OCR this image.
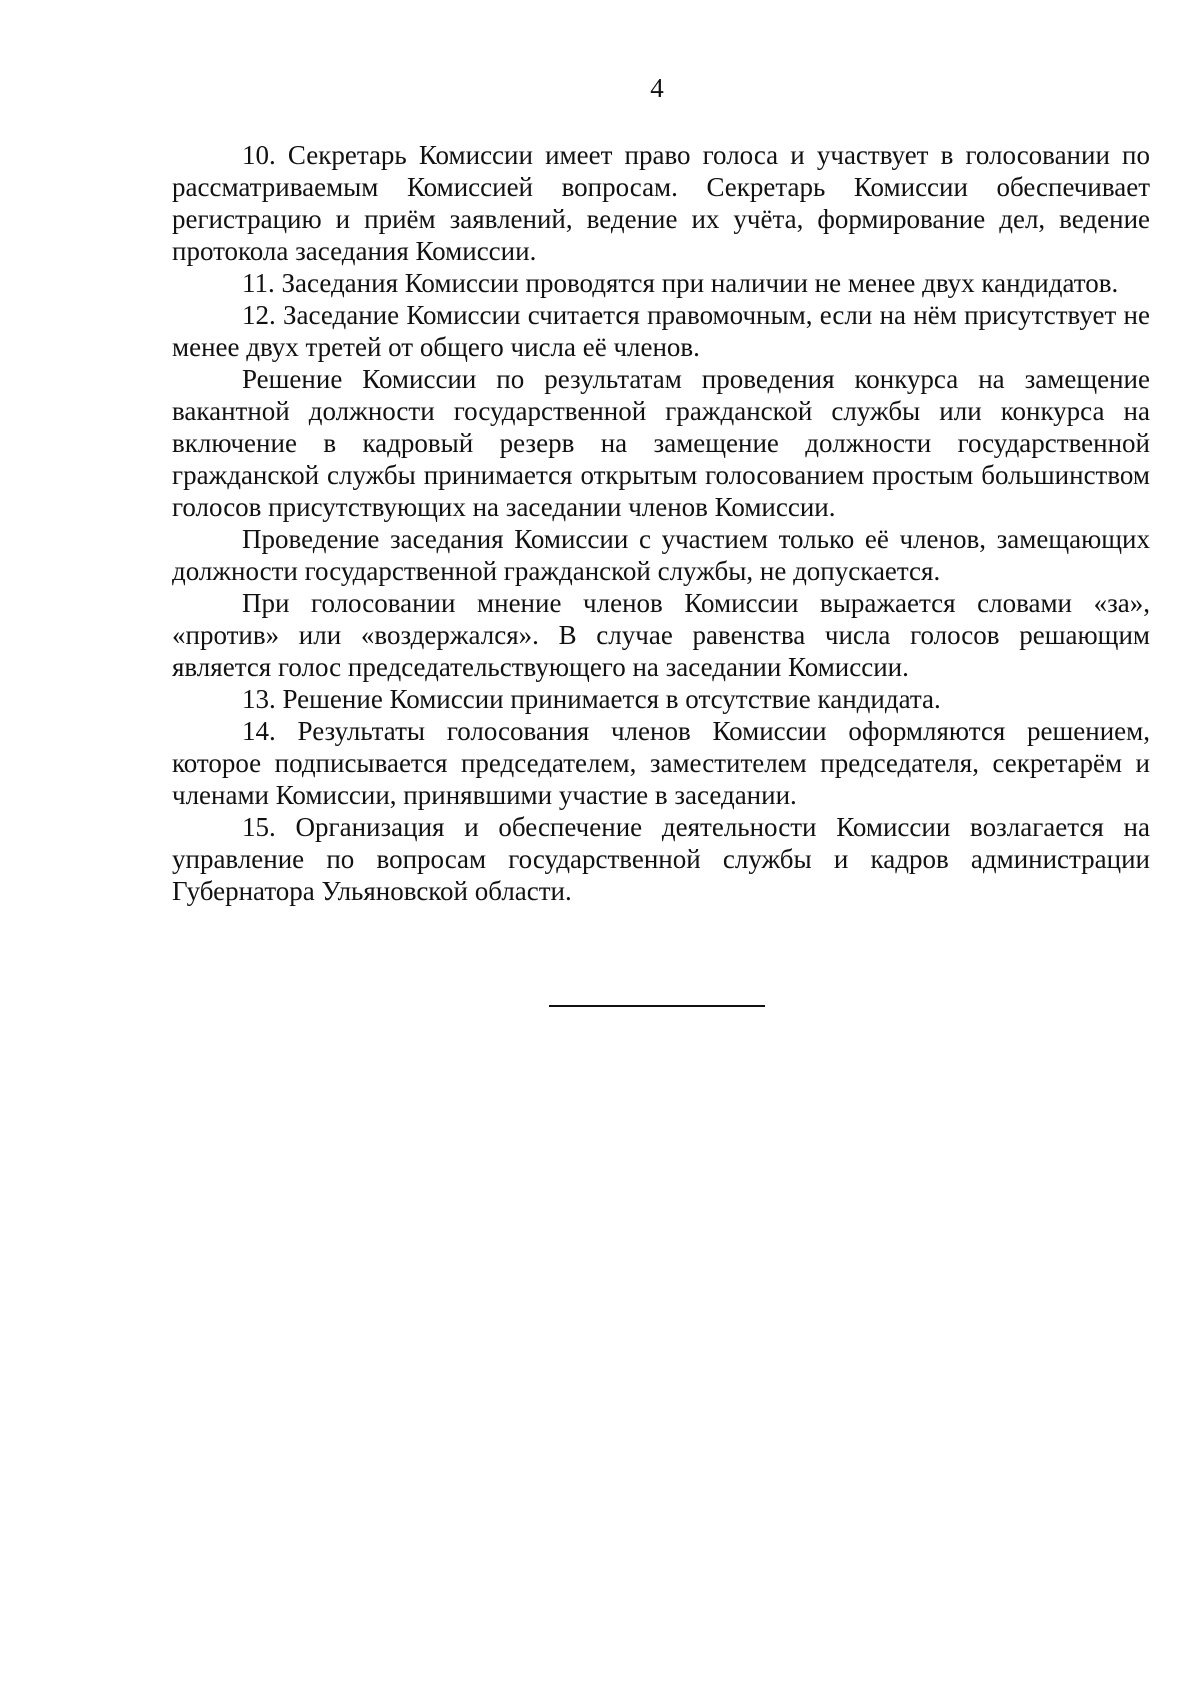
4

10. Секретарь Комиссии имеет право голоса и участвует в голосовании по рассматриваемым Комиссией вопросам. Секретарь Комиссии обеспечивает регистрацию и приём заявлений, ведение их учёта, формирование дел, ведение протокола заседания Комиссии.

11. Заседания Комиссии проводятся при наличии не менее двух кандидатов.

12. Заседание Комиссии считается правомочным, если на нём присутствует не менее двух третей от общего числа её членов.

Решение Комиссии по результатам проведения конкурса на замещение вакантной должности государственной гражданской службы или конкурса на включение в кадровый резерв на замещение должности государственной гражданской службы принимается открытым голосованием простым большинством голосов присутствующих на заседании членов Комиссии.

Проведение заседания Комиссии с участием только её членов, замещающих должности государственной гражданской службы, не допускается.

При голосовании мнение членов Комиссии выражается словами «за», «против» или «воздержался». В случае равенства числа голосов решающим является голос председательствующего на заседании Комиссии.

13. Решение Комиссии принимается в отсутствие кандидата.

14. Результаты голосования членов Комиссии оформляются решением, которое подписывается председателем, заместителем председателя, секретарём и членами Комиссии, принявшими участие в заседании.

15. Организация и обеспечение деятельности Комиссии возлагается на управление по вопросам государственной службы и кадров администрации Губернатора Ульяновской области.
